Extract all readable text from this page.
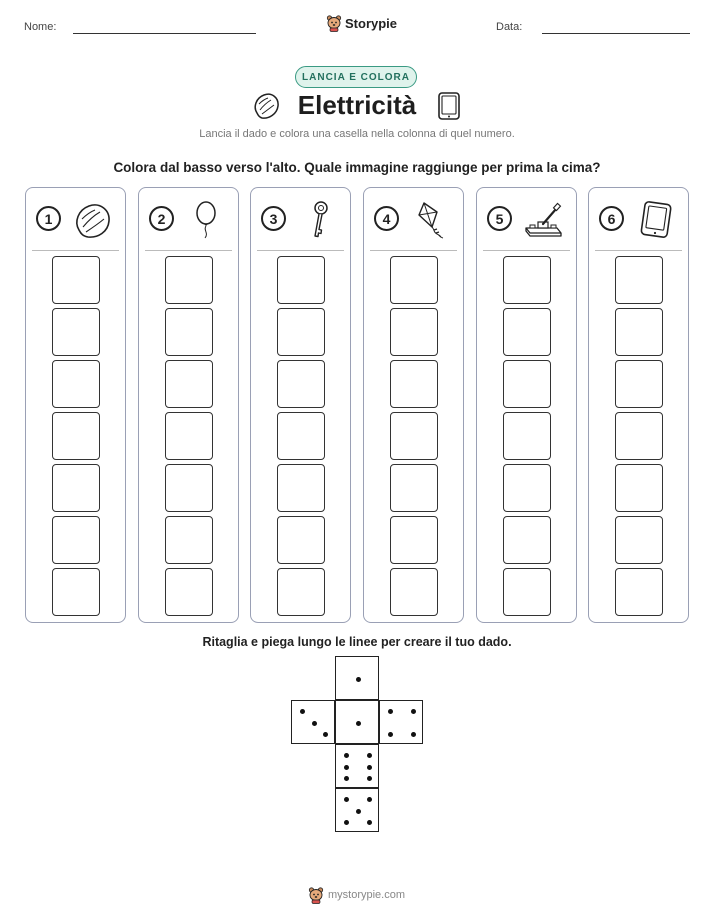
Nome:	Storypie	Data:
LANCIA E COLORA
Elettricità
Lancia il dado e colora una casella nella colonna di quel numero.
Colora dal basso verso l'alto. Quale immagine raggiunge per prima la cima?
1	2	3	4	5	6
Ritaglia e piega lungo le linee per creare il tuo dado.
mystorypie.com
